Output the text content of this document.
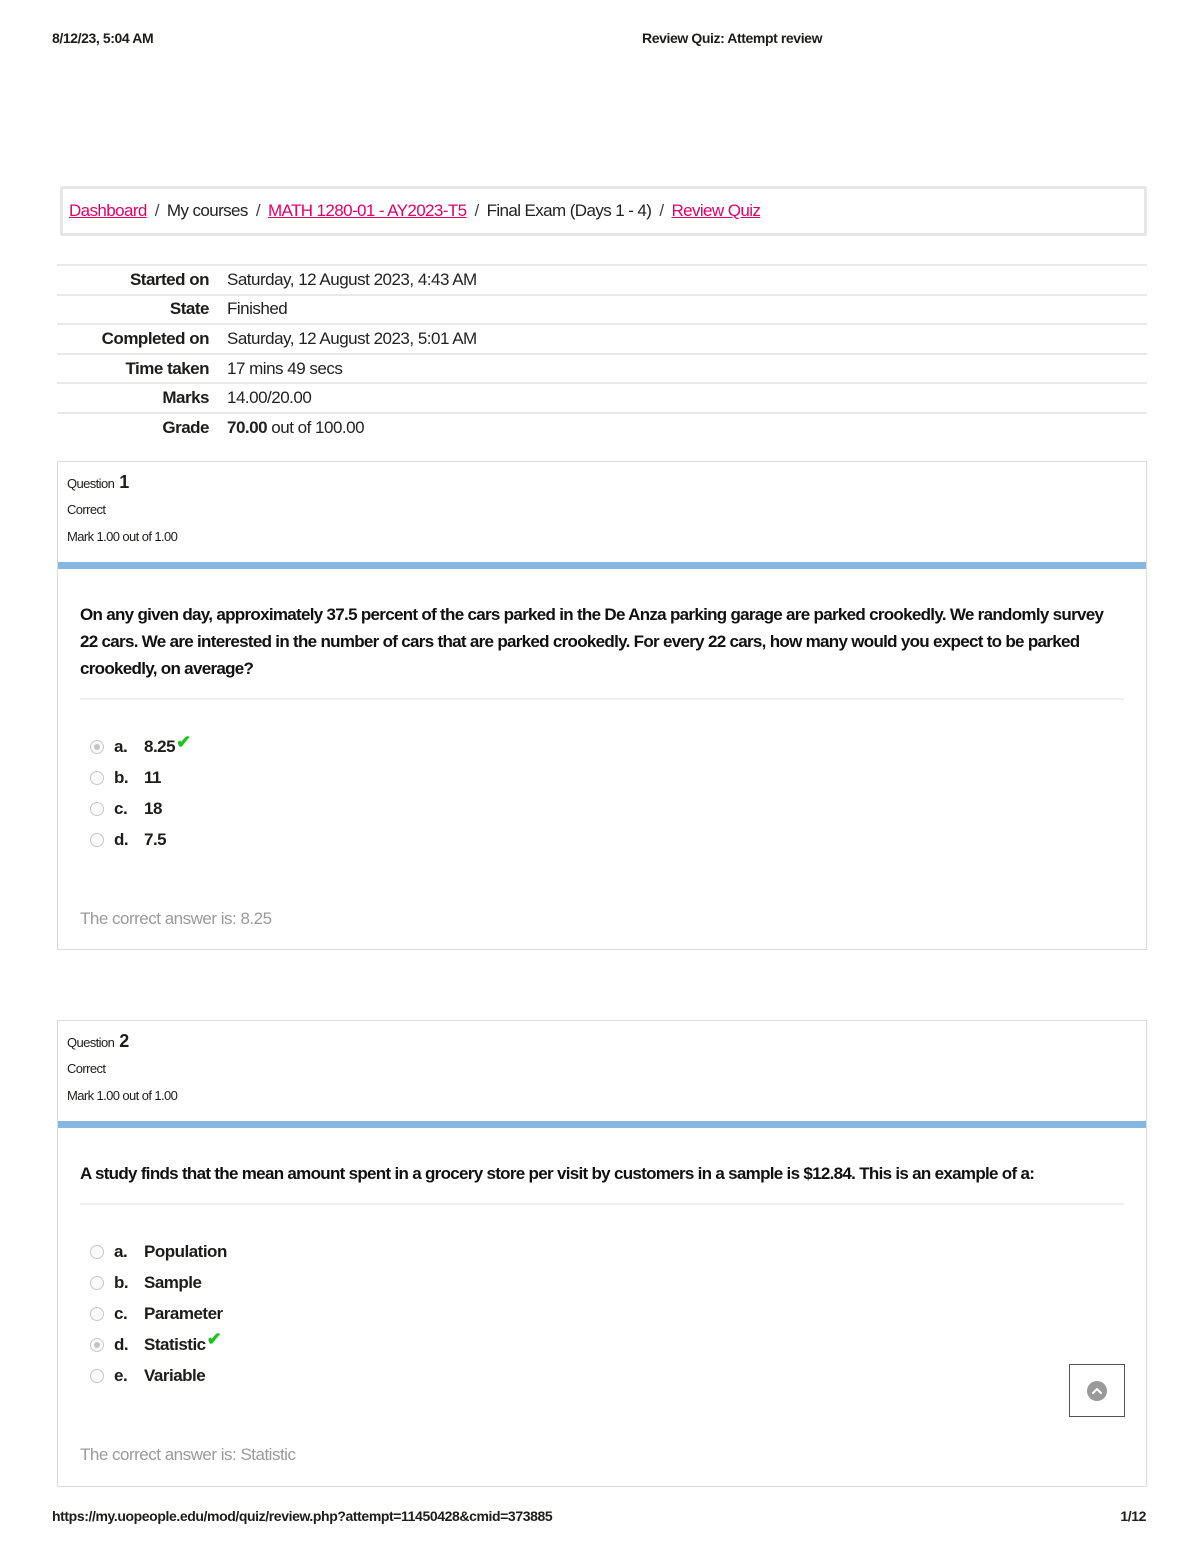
8/12/23, 5:04 AM	Review Quiz: Attempt review
Dashboard / My courses / MATH 1280-01 - AY2023-T5 / Final Exam (Days 1 - 4) / Review Quiz
Started on	Saturday, 12 August 2023, 4:43 AM
State	Finished
Completed on	Saturday, 12 August 2023, 5:01 AM
Time taken	17 mins 49 secs
Marks	14.00/20.00
Grade	70.00 out of 100.00
Question 1
Correct
Mark 1.00 out of 1.00
On any given day, approximately 37.5 percent of the cars parked in the De Anza parking garage are parked crookedly. We randomly survey 22 cars. We are interested in the number of cars that are parked crookedly. For every 22 cars, how many would you expect to be parked crookedly, on average?
a. 8.25 ✔
b. 11
c. 18
d. 7.5
The correct answer is: 8.25
Question 2
Correct
Mark 1.00 out of 1.00
A study finds that the mean amount spent in a grocery store per visit by customers in a sample is $12.84. This is an example of a:
a. Population
b. Sample
c. Parameter
d. Statistic ✔
e. Variable
The correct answer is: Statistic
https://my.uopeople.edu/mod/quiz/review.php?attempt=11450428&cmid=373885	1/12
